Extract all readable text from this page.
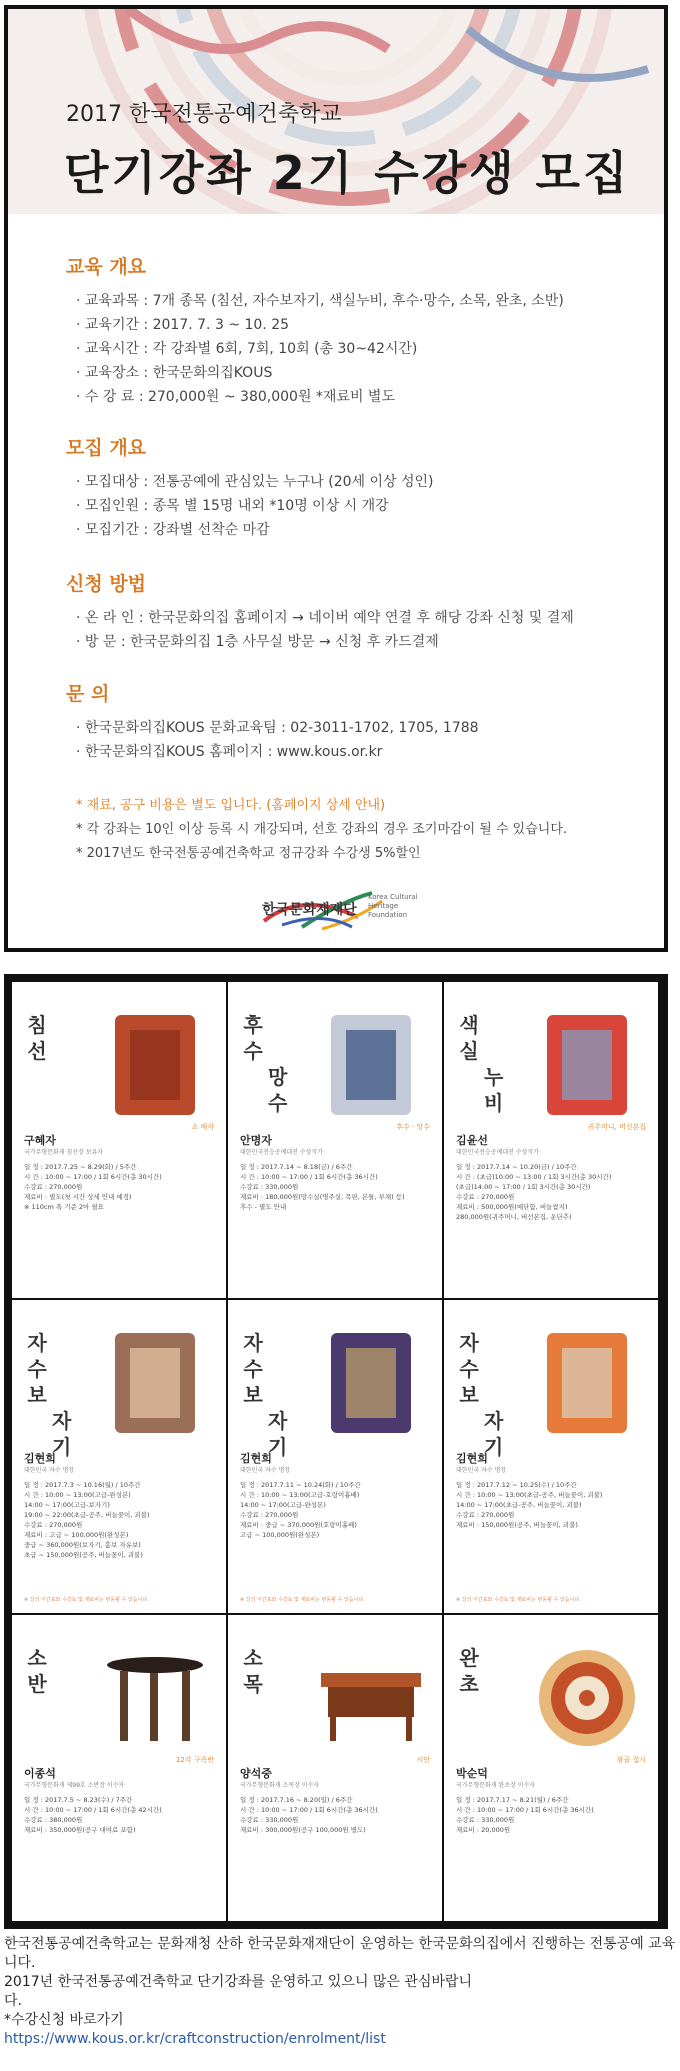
2017 한국전통공예건축학교
단기강좌 2기 수강생 모집
교육 개요
· 교육과목 : 7개 종목 (침선, 자수보자기, 색실누비, 후수·망수, 소목, 완초, 소반)
· 교육기간 : 2017. 7. 3 ~ 10. 25
· 교육시간 : 각 강좌별 6회, 7회, 10회 (총 30~42시간)
· 교육장소 : 한국문화의집KOUS
· 수 강 료 : 270,000원 ~ 380,000원 *재료비 별도
모집 개요
· 모집대상 : 전통공예에 관심있는 누구나 (20세 이상 성인)
· 모집인원 : 종목 별 15명 내외 *10명 이상 시 개강
· 모집기간 : 강좌별 선착순 마감
신청 방법
· 온 라 인 : 한국문화의집 홈페이지 → 네이버 예약 연결 후 해당 강좌 신청 및 결제
· 방 문 : 한국문화의집 1층 사무실 방문 → 신청 후 카드결제
문 의
· 한국문화의집KOUS 문화교육팀 : 02-3011-1702, 1705, 1788
· 한국문화의집KOUS 홈페이지 : www.kous.or.kr
* 재료, 공구 비용은 별도 입니다. (홈페이지 상세 안내)
* 각 강좌는 10인 이상 등록 시 개강되며, 선호 강좌의 경우 조기마감이 될 수 있습니다.
* 2017년도 한국전통공예건축학교 정규강좌 수강생 5%할인
한국문화재재단
Korea Cultural Heritage Foundation
침
선
쇼 배자
구혜자
국가무형문화재 침선장 보유자
일 정 : 2017.7.25 ~ 8.29(화) / 5주간
시 간 : 10:00 ~ 17:00 / 1회 6시간(총 30시간)
수강료 : 270,000원
재료비 : 별도(첫 시간 상세 안내 예정)
※ 110cm 폭 기준 2마 필요
후
수
망
수
후수 · 망수
안명자
대한민국전승공예대전 수상작가
일 정 : 2017.7.14 ~ 8.18(금) / 6주간
시 간 : 10:00 ~ 17:00 / 1회 6시간(총 36시간)
수강료 : 330,000원
재료비 : 180,000원(망수실(명주실, 목판, 본틀, 부채) 등)
후수 - 별도 안내
색
실
누
비
귀주머니, 버선본집
김윤선
대한민국전승공예대전 수상작가
일 정 : 2017.7.14 ~ 10.20(금) / 10주간
시 간 : (초급)10:00 ~ 13:00 / 1회 3시간(총 30시간)
(초급)14:00 ~ 17:00 / 1회 3시간(총 30시간)
수강료 : 270,000원
재료비 : 500,000원(예단함, 버늘쌈지)
280,000원(귀주머니, 버선본집, 운단추)
자
수
보
자
기
김현희
대한민국 자수 명장
일 정 : 2017.7.3 ~ 10.16(월) / 10주간
시 간 : 10:00 ~ 13:00(고급-완성본)
14:00 ~ 17:00(고급-보자기)
19:00 ~ 22:00(초급-공주, 버늘꽂이, 괴불)
수강료 : 270,000원
재료비 : 고급 ~ 100,000원(완성본)
중급 ~ 360,000원(보자기, 홑보 자유보)
초급 ~ 150,000원(공주, 버늘꽂이, 괴불)
※ 강의 시간표와 수강료 및 재료비는 변동될 수 있습니다.
자
수
보
자
기
김현희
대한민국 자수 명장
일 정 : 2017.7.11 ~ 10.24(화) / 10주간
시 간 : 10:00 ~ 13:00(고급-호랑이흉배)
14:00 ~ 17:00(고급-완성본)
수강료 : 270,000원
재료비 : 중급 ~ 370,000원(호랑이흉배)
고급 ~ 100,000원(완성본)
※ 강의 시간표와 수강료 및 재료비는 변동될 수 있습니다.
자
수
보
자
기
김현희
대한민국 자수 명장
일 정 : 2017.7.12 ~ 10.25(수) / 10주간
시 간 : 10:00 ~ 13:00(초급-공주, 버늘꽂이, 괴불)
14:00 ~ 17:00(초급-공주, 버늘꽂이, 괴불)
수강료 : 270,000원
재료비 : 150,000원(공주, 버늘꽂이, 괴불)
※ 강의 시간표와 수강료 및 재료비는 변동될 수 있습니다.
소
반
12각 구족반
이종석
국가무형문화재 제99호 소반장 이수자
일 정 : 2017.7.5 ~ 8.23(수) / 7주간
시 간 : 10:00 ~ 17:00 / 1회 6시간(총 42시간)
수강료 : 380,000원
재료비 : 350,000원(공구 대여료 포함)
소
목
서안
양석중
국가무형문화재 소목장 이수자
일 정 : 2017.7.16 ~ 8.20(일) / 6주간
시 간 : 10:00 ~ 17:00 / 1회 6시간(총 36시간)
수강료 : 330,000원
재료비 : 300,000원(공구 100,000원 별도)
완
초
왕골 접시
박순덕
국가무형문화재 완초장 이수자
일 정 : 2017.7.17 ~ 8.21(월) / 6주간
시 간 : 10:00 ~ 17:00 / 1회 6시간(총 36시간)
수강료 : 330,000원
재료비 : 20,000원

한국전통공예건축학교는 문화재청 산하 한국문화재재단이 운영하는 한국문화의집에서 진행하는 전통공예 교육

니다.

2017년 한국전통공예건축학교 단기강좌를 운영하고 있으니 많은 관심바랍니

다.

*수강신청 바로가기

https://www.kous.or.kr/craftconstruction/enrolment/list
